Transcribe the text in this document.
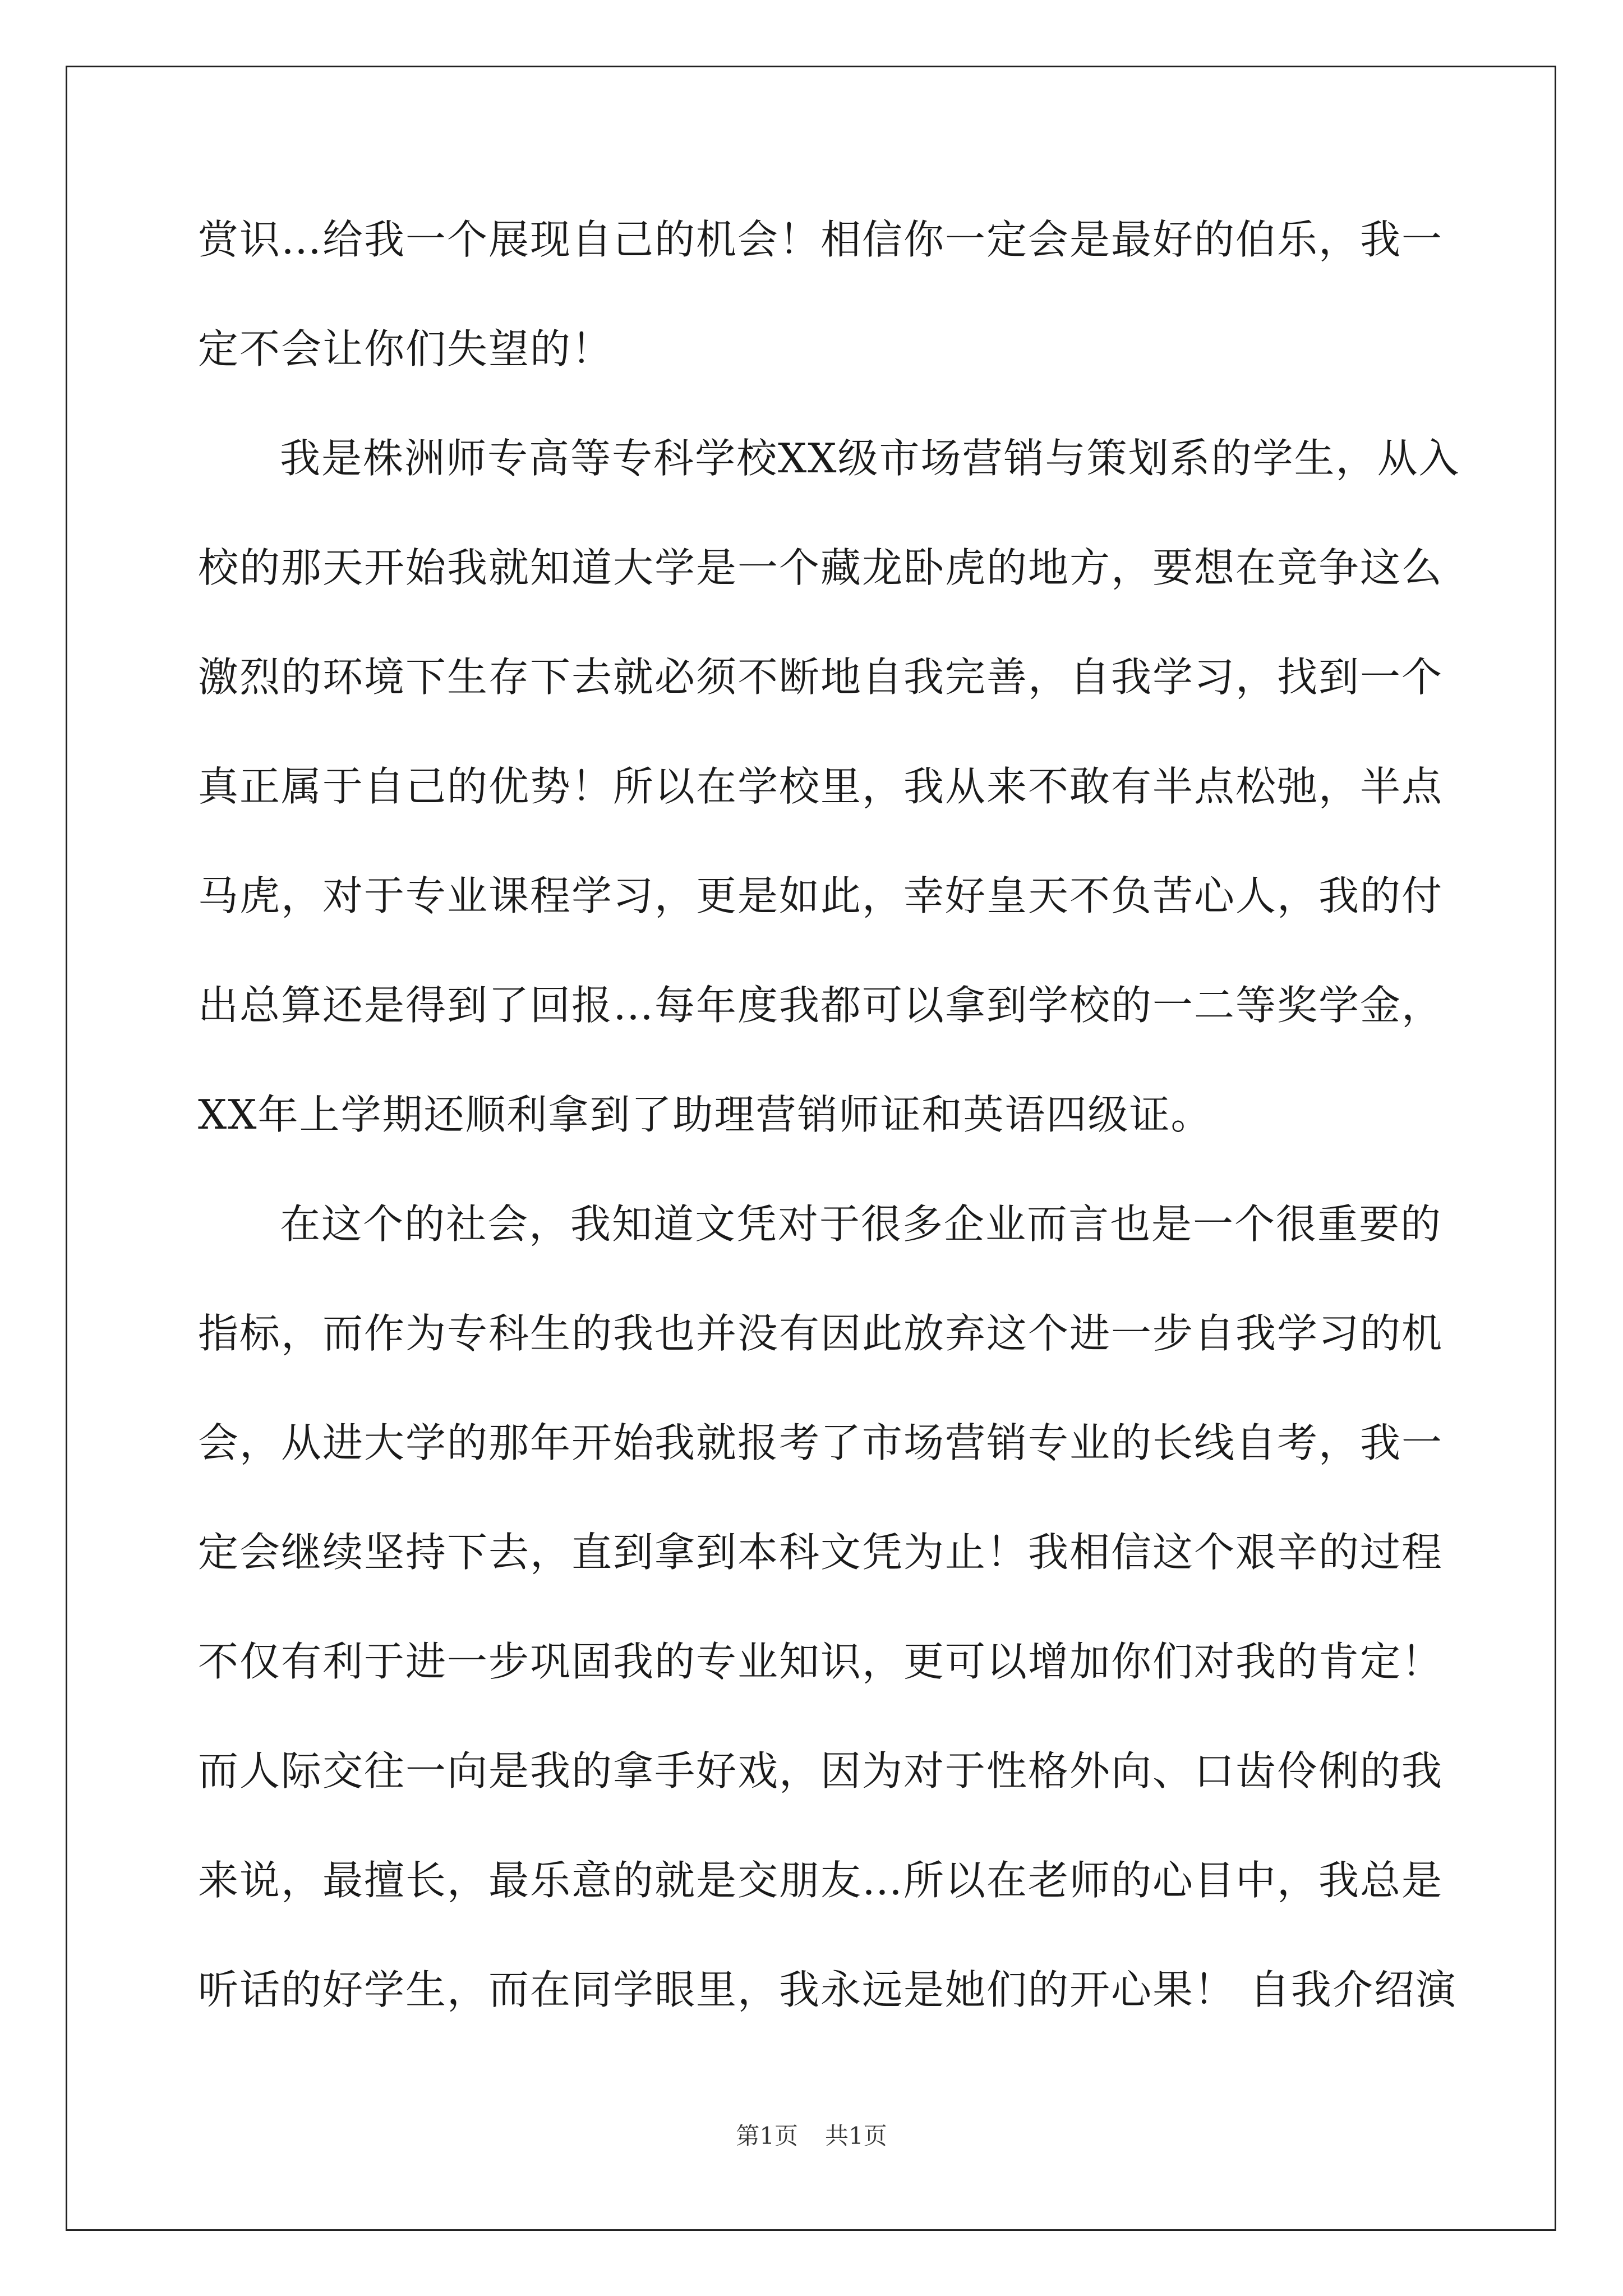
赏识…给我一个展现自己的机会！相信你一定会是最好的伯乐，我一
定不会让你们失望的！
我是株洲师专高等专科学校XX级市场营销与策划系的学生，从入
校的那天开始我就知道大学是一个藏龙卧虎的地方，要想在竞争这么
激烈的环境下生存下去就必须不断地自我完善，自我学习，找到一个
真正属于自己的优势！所以在学校里，我从来不敢有半点松弛，半点
马虎，对于专业课程学习，更是如此，幸好皇天不负苦心人，我的付
出总算还是得到了回报…每年度我都可以拿到学校的一二等奖学金，
XX年上学期还顺利拿到了助理营销师证和英语四级证。
在这个的社会，我知道文凭对于很多企业而言也是一个很重要的
指标，而作为专科生的我也并没有因此放弃这个进一步自我学习的机
会，从进大学的那年开始我就报考了市场营销专业的长线自考，我一
定会继续坚持下去，直到拿到本科文凭为止！我相信这个艰辛的过程
不仅有利于进一步巩固我的专业知识，更可以增加你们对我的肯定！
而人际交往一向是我的拿手好戏，因为对于性格外向、口齿伶俐的我
来说，最擅长，最乐意的就是交朋友…所以在老师的心目中，我总是
听话的好学生，而在同学眼里，我永远是她们的开心果！ 自我介绍演
第1页 共1页
